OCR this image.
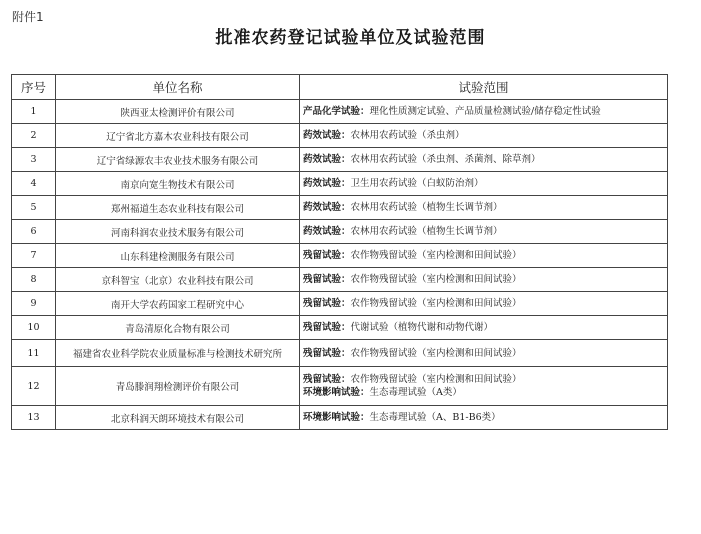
附件1
批准农药登记试验单位及试验范围
序号	单位名称	试验范围
1	陕西亚太检测评价有限公司	产品化学试验：理化性质测定试验、产品质量检测试验/储存稳定性试验

2	辽宁省北方嘉木农业科技有限公司	药效试验：农林用农药试验（杀虫剂）

3	辽宁省绿源农丰农业技术服务有限公司	药效试验：农林用农药试验（杀虫剂、杀菌剂、除草剂）

4	南京向宽生物技术有限公司	药效试验：卫生用农药试验（白蚁防治剂）

5	郑州福道生态农业科技有限公司	药效试验：农林用农药试验（植物生长调节剂）

6	河南科润农业技术服务有限公司	药效试验：农林用农药试验（植物生长调节剂）

7	山东科建检测服务有限公司	残留试验：农作物残留试验（室内检测和田间试验）

8	京科智宝（北京）农业科技有限公司	残留试验：农作物残留试验（室内检测和田间试验）

9	南开大学农药国家工程研究中心	残留试验：农作物残留试验（室内检测和田间试验）

10	青岛清原化合物有限公司	残留试验：代谢试验（植物代谢和动物代谢）

11	福建省农业科学院农业质量标准与检测技术研究所	残留试验：农作物残留试验（室内检测和田间试验）

12	青岛滕润翔检测评价有限公司	残留试验：农作物残留试验（室内检测和田间试验）
环境影响试验：生态毒理试验（A类）

13	北京科润天朗环境技术有限公司	环境影响试验：生态毒理试验（A、B1-B6类）
